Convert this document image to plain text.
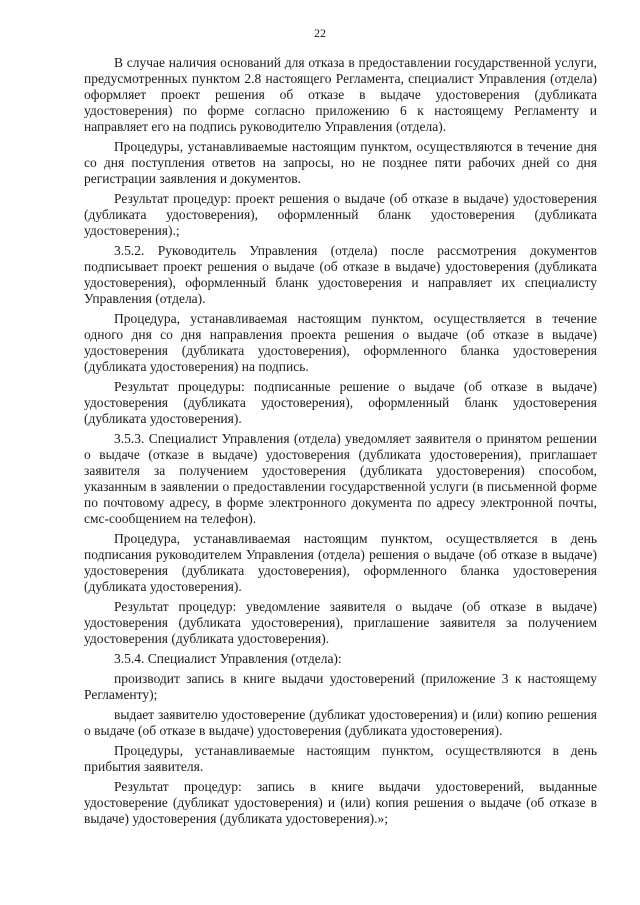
22

В случае наличия оснований для отказа в предоставлении государственной услуги, предусмотренных пунктом 2.8 настоящего Регламента, специалист Управления (отдела) оформляет проект решения об отказе в выдаче удостоверения (дубликата удостоверения) по форме согласно приложению 6 к настоящему Регламенту и направляет его на подпись руководителю Управления (отдела).

Процедуры, устанавливаемые настоящим пунктом, осуществляются в течение дня со дня поступления ответов на запросы, но не позднее пяти рабочих дней со дня регистрации заявления и документов.

Результат процедур: проект решения о выдаче (об отказе в выдаче) удостоверения (дубликата удостоверения), оформленный бланк удостоверения (дубликата удостоверения).;

3.5.2. Руководитель Управления (отдела) после рассмотрения документов подписывает проект решения о выдаче (об отказе в выдаче) удостоверения (дубликата удостоверения), оформленный бланк удостоверения и направляет их специалисту Управления (отдела).

Процедура, устанавливаемая настоящим пунктом, осуществляется в течение одного дня со дня направления проекта решения о выдаче (об отказе в выдаче) удостоверения (дубликата удостоверения), оформленного бланка удостоверения (дубликата удостоверения) на подпись.

Результат процедуры: подписанные решение о выдаче (об отказе в выдаче) удостоверения (дубликата удостоверения), оформленный бланк удостоверения (дубликата удостоверения).

3.5.3. Специалист Управления (отдела) уведомляет заявителя о принятом решении о выдаче (отказе в выдаче) удостоверения (дубликата удостоверения), приглашает заявителя за получением удостоверения (дубликата удостоверения) способом, указанным в заявлении о предоставлении государственной услуги (в письменной форме по почтовому адресу, в форме электронного документа по адресу электронной почты, смс-сообщением на телефон).

Процедура, устанавливаемая настоящим пунктом, осуществляется в день подписания руководителем Управления (отдела) решения о выдаче (об отказе в выдаче) удостоверения (дубликата удостоверения), оформленного бланка удостоверения (дубликата удостоверения).

Результат процедур: уведомление заявителя о выдаче (об отказе в выдаче) удостоверения (дубликата удостоверения), приглашение заявителя за получением удостоверения (дубликата удостоверения).

3.5.4. Специалист Управления (отдела):

производит запись в книге выдачи удостоверений (приложение 3 к настоящему Регламенту);

выдает заявителю удостоверение (дубликат удостоверения) и (или) копию решения о выдаче (об отказе в выдаче) удостоверения (дубликата удостоверения).

Процедуры, устанавливаемые настоящим пунктом, осуществляются в день прибытия заявителя.

Результат процедур: запись в книге выдачи удостоверений, выданные удостоверение (дубликат удостоверения) и (или) копия решения о выдаче (об отказе в выдаче) удостоверения (дубликата удостоверения).»;
